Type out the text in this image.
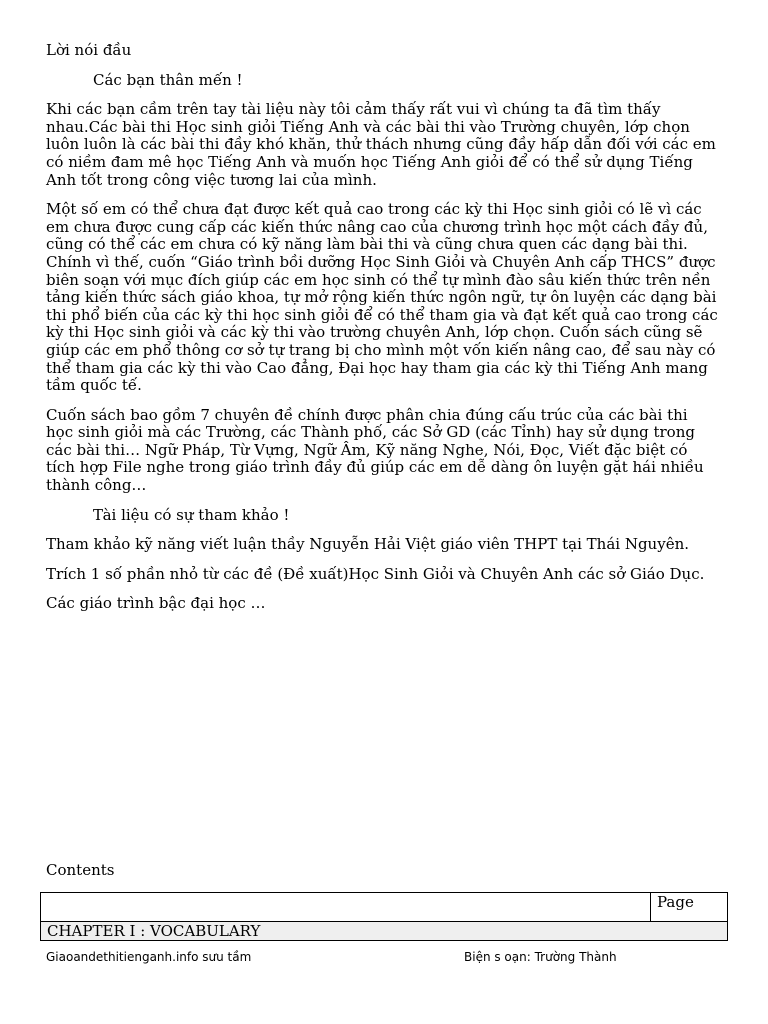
Lời nói đầu

Các bạn thân mến !

Khi các bạn cầm trên tay tài liệu này tôi cảm thấy rất vui vì chúng ta đã tìm thấy nhau.Các bài thi Học sinh giỏi Tiếng Anh và các bài thi vào Trường chuyên, lớp chọn luôn luôn là các bài thi đầy khó khăn, thử thách nhưng cũng đầy hấp dẫn đối với các em có niềm đam mê học Tiếng Anh và muốn học Tiếng Anh giỏi để có thể sử dụng Tiếng Anh tốt trong công việc tương lai của mình.

Một số em có thể chưa đạt được kết quả cao trong các kỳ thi Học sinh giỏi có lẽ vì các em chưa được cung cấp các kiến thức nâng cao của chương trình học một cách đầy đủ, cũng có thể các em chưa có kỹ năng làm bài thi và cũng chưa quen các dạng bài thi. Chính vì thế, cuốn “Giáo trình bồi dưỡng Học Sinh Giỏi và Chuyên Anh cấp THCS” được biên soạn với mục đích giúp các em học sinh có thể tự mình đào sâu kiến thức trên nền tảng kiến thức sách giáo khoa, tự mở rộng kiến thức ngôn ngữ, tự ôn luyện các dạng bài thi phổ biến của các kỳ thi học sinh giỏi để có thể tham gia và đạt kết quả cao trong các kỳ thi Học sinh giỏi và các kỳ thi vào trường chuyên Anh, lớp chọn. Cuốn sách cũng sẽ giúp các em phổ thông cơ sở tự trang bị cho mình một vốn kiến nâng cao, để sau này có thể tham gia các kỳ thi vào Cao đẳng, Đại học hay tham gia các kỳ thi Tiếng Anh mang tầm quốc tế.

Cuốn sách bao gồm 7 chuyên đề chính được phân chia đúng cấu trúc của các bài thi học sinh giỏi mà các Trường, các Thành phố, các Sở GD (các Tỉnh) hay sử dụng trong các bài thi… Ngữ Pháp, Từ Vựng, Ngữ Âm, Kỹ năng Nghe, Nói, Đọc, Viết đặc biệt có tích hợp File nghe trong giáo trình đầy đủ giúp các em dễ dàng ôn luyện gặt hái nhiều thành công…

Tài liệu có sự tham khảo !

Tham khảo kỹ năng viết luận thầy Nguyễn Hải Việt giáo viên THPT tại Thái Nguyên.

Trích 1 số phần nhỏ từ các đề (Đề xuất)Học Sinh Giỏi và Chuyên Anh các sở Giáo Dục.

Các giáo trình bậc đại học …

Contents
	Page
CHAPTER I : VOCABULARY
Giaoandethitienganh.info sưu tầm	Biện s oạn: Trường Thành
